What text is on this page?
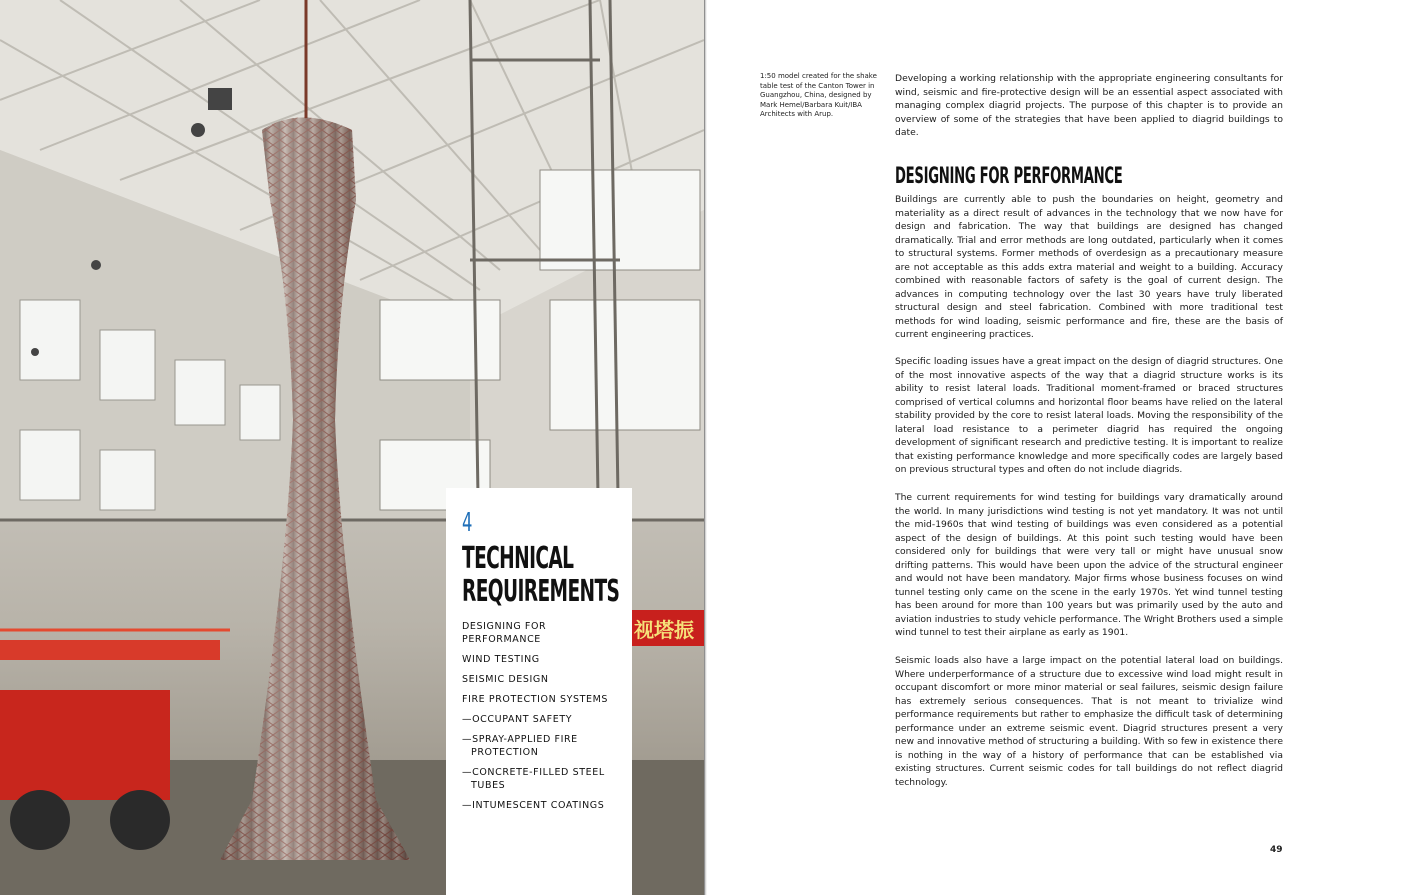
视塔振
4
TECHNICAL
REQUIREMENTS
DESIGNING FOR PERFORMANCE
WIND TESTING
SEISMIC DESIGN
FIRE PROTECTION SYSTEMS
—OCCUPANT SAFETY
—SPRAY-APPLIED FIRE PROTECTION
—CONCRETE-FILLED STEEL TUBES
—INTUMESCENT COATINGS
1:50 model created for the shake table test of the Canton Tower in Guangzhou, China, designed by Mark Hemel/Barbara Kuit/IBA Architects with Arup.

Developing a working relationship with the appropriate engineering consultants for wind, seismic and fire-protective design will be an essential aspect associated with managing complex diagrid projects. The purpose of this chapter is to provide an overview of some of the strategies that have been applied to diagrid buildings to date.

DESIGNING FOR PERFORMANCE

Buildings are currently able to push the boundaries on height, geometry and materiality as a direct result of advances in the technology that we now have for design and fabrication. The way that buildings are designed has changed dramatically. Trial and error methods are long outdated, particularly when it comes to structural systems. Former methods of overdesign as a precautionary measure are not acceptable as this adds extra material and weight to a building. Accuracy combined with reasonable factors of safety is the goal of current design. The advances in computing technology over the last 30 years have truly liberated structural design and steel fabrication. Combined with more traditional test methods for wind loading, seismic performance and fire, these are the basis of current engineering practices.

Specific loading issues have a great impact on the design of diagrid structures. One of the most innovative aspects of the way that a diagrid structure works is its ability to resist lateral loads. Traditional moment-framed or braced structures comprised of vertical columns and horizontal floor beams have relied on the lateral stability provided by the core to resist lateral loads. Moving the responsibility of the lateral load resistance to a perimeter diagrid has required the ongoing development of significant research and predictive testing. It is important to realize that existing performance knowledge and more specifically codes are largely based on previous structural types and often do not include diagrids.

The current requirements for wind testing for buildings vary dramatically around the world. In many jurisdictions wind testing is not yet mandatory. It was not until the mid-1960s that wind testing of buildings was even considered as a potential aspect of the design of buildings. At this point such testing would have been considered only for buildings that were very tall or might have unusual snow drifting patterns. This would have been upon the advice of the structural engineer and would not have been mandatory. Major firms whose business focuses on wind tunnel testing only came on the scene in the early 1970s. Yet wind tunnel testing has been around for more than 100 years but was primarily used by the auto and aviation industries to study vehicle performance. The Wright Brothers used a simple wind tunnel to test their airplane as early as 1901.

Seismic loads also have a large impact on the potential lateral load on buildings. Where underperformance of a structure due to excessive wind load might result in occupant discomfort or more minor material or seal failures, seismic design failure has extremely serious consequences. That is not meant to trivialize wind performance requirements but rather to emphasize the difficult task of determining performance under an extreme seismic event. Diagrid structures present a very new and innovative method of structuring a building. With so few in existence there is nothing in the way of a history of performance that can be established via existing structures. Current seismic codes for tall buildings do not reflect diagrid technology.

49
